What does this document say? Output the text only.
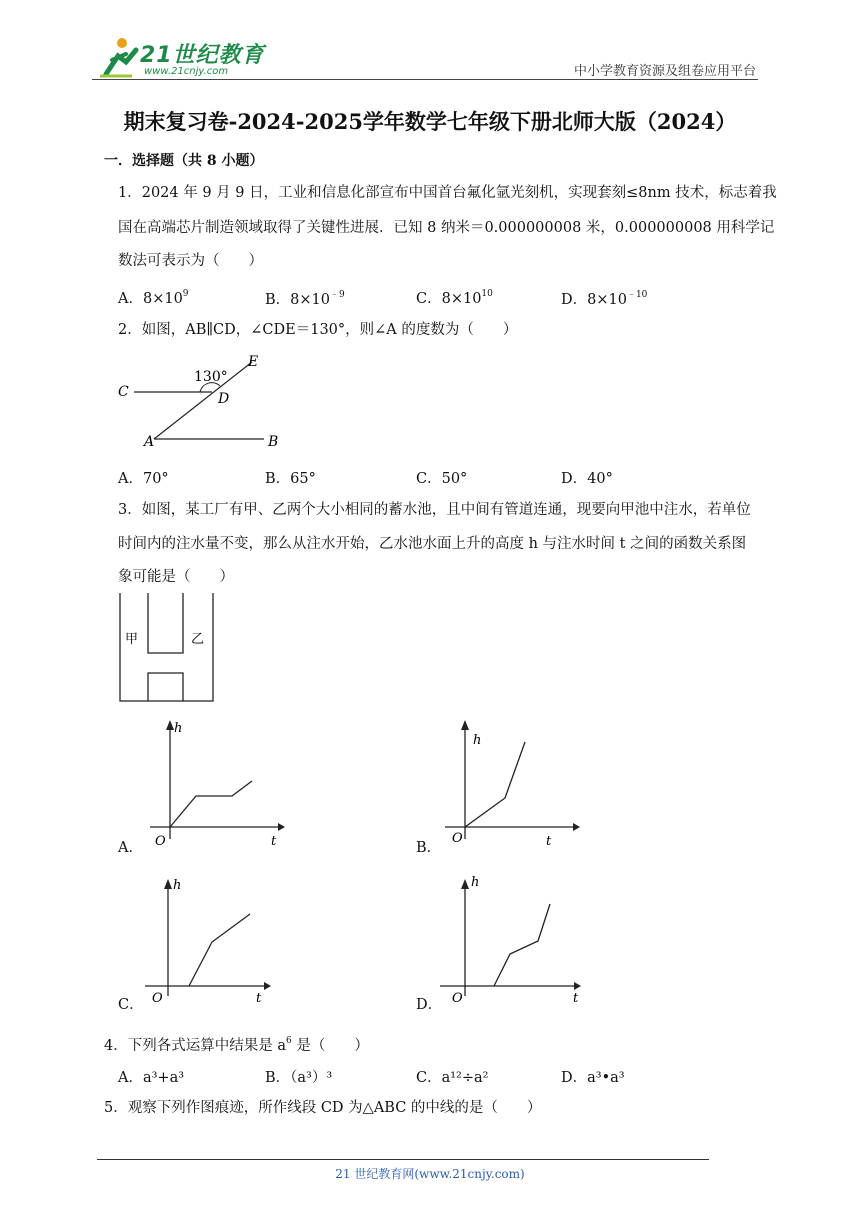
21世纪教育
www.21cnjy.com	中小学教育资源及组卷应用平台
期末复习卷-2024-2025学年数学七年级下册北师大版（2024）
一．选择题（共 8 小题）
1．2024 年 9 月 9 日，工业和信息化部宣布中国首台氟化氩光刻机，实现套刻≤8nm 技术，标志着我
国在高端芯片制造领域取得了关键性进展．已知 8 纳米＝0.000000008 米，0.000000008 用科学记
数法可表示为（　　）
A．$8\times 10^9$	B．$8\times 10^{﹣9}$	C．$8\times 10^{10}$	D．$8\times 10^{﹣10}$
2．如图，AB∥CD，∠CDE＝130°，则∠A 的度数为（　　）
130°
C	D
E
A	B
A．70°	B．65°	C．50°	D．40°
3．如图，某工厂有甲、乙两个大小相同的蓄水池，且中间有管道连通，现要向甲池中注水，若单位
时间内的注水量不变，那么从注水开始，乙水池水面上升的高度 h 与注水时间 t 之间的函数关系图
象可能是（　　）
甲	乙
h
t
O
A．
h
t
O
B．
h
t
O
C．
h
t
O
D．
4．下列各式运算中结果是 $a^6$ 是（　　）
A．a³+a³	B．（a³）³	C．a¹²÷a²	D．a³•a³
5．观察下列作图痕迹，所作线段 CD 为△ABC 的中线的是（　　）
21 世纪教育网(www.21cnjy.com)
